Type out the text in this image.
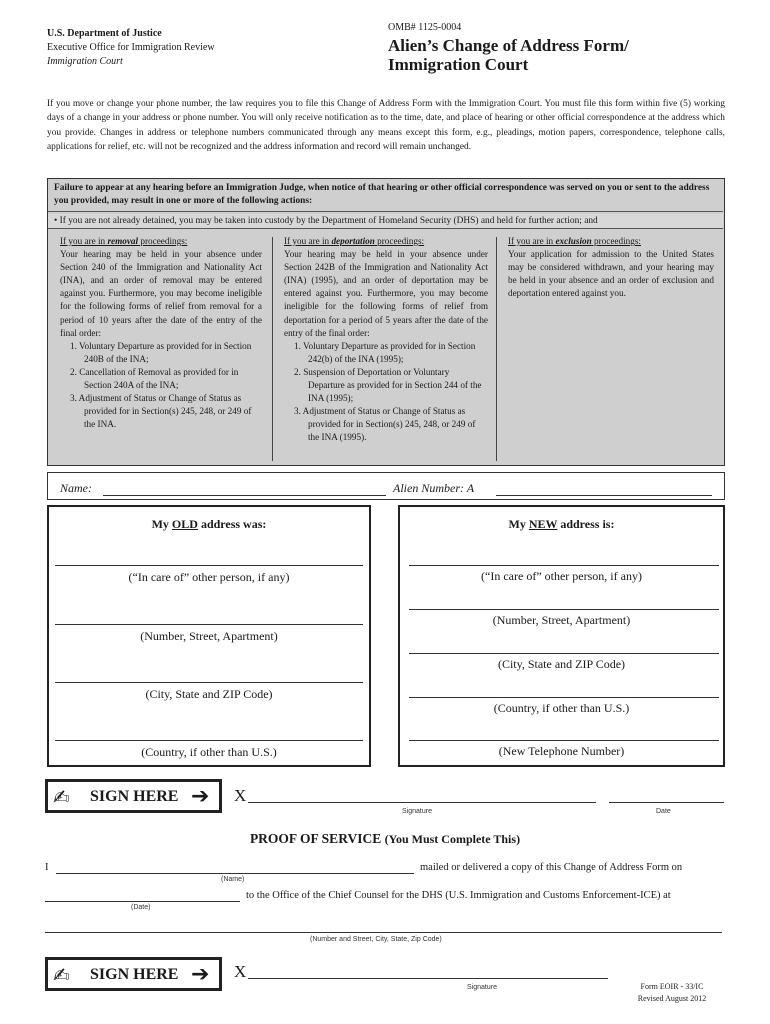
U.S. Department of Justice
Executive Office for Immigration Review
Immigration Court
OMB# 1125-0004
Alien’s Change of Address Form/
Immigration Court
If you move or change your phone number, the law requires you to file this Change of Address Form with the Immigration Court. You must file this form within five (5) working days of a change in your address or phone number. You will only receive notification as to the time, date, and place of hearing or other official correspondence at the address which you provide. Changes in address or telephone numbers communicated through any means except this form, e.g., pleadings, motion papers, correspondence, telephone calls, applications for relief, etc. will not be recognized and the address information and record will remain unchanged.
Failure to appear at any hearing before an Immigration Judge, when notice of that hearing or other official correspondence was served on you or sent to the address you provided, may result in one or more of the following actions:
• If you are not already detained, you may be taken into custody by the Department of Homeland Security (DHS) and held for further action; and
If you are in removal proceedings:
Your hearing may be held in your absence under Section 240 of the Immigration and Nationality Act (INA), and an order of removal may be entered against you. Furthermore, you may become ineligible for the following forms of relief from removal for a period of 10 years after the date of the entry of the final order:
1. Voluntary Departure as provided for in Section 240B of the INA;
2. Cancellation of Removal as provided for in Section 240A of the INA;
3. Adjustment of Status or Change of Status as provided for in Section(s) 245, 248, or 249 of the INA.
If you are in deportation proceedings:
Your hearing may be held in your absence under Section 242B of the Immigration and Nationality Act (INA) (1995), and an order of deportation may be entered against you. Furthermore, you may become ineligible for the following forms of relief from deportation for a period of 5 years after the date of the entry of the final order:
1. Voluntary Departure as provided for in Section 242(b) of the INA (1995);
2. Suspension of Deportation or Voluntary Departure as provided for in Section 244 of the INA (1995);
3. Adjustment of Status or Change of Status as provided for in Section(s) 245, 248, or 249 of the INA (1995).
If you are in exclusion proceedings:
Your application for admission to the United States may be considered withdrawn, and your hearing may be held in your absence and an order of exclusion and deportation entered against you.
Name:	Alien Number: A
My OLD address was:
(“In care of” other person, if any)
(Number, Street, Apartment)
(City, State and ZIP Code)
(Country, if other than U.S.)
My NEW address is:
(“In care of” other person, if any)
(Number, Street, Apartment)
(City, State and ZIP Code)
(Country, if other than U.S.)
(New Telephone Number)
✍ SIGN HERE ➔ X
Signature	Date
PROOF OF SERVICE (You Must Complete This)
I
(Name)
mailed or delivered a copy of this Change of Address Form on
(Date)
to the Office of the Chief Counsel for the DHS (U.S. Immigration and Customs Enforcement-ICE) at
(Number and Street, City, State, Zip Code)
✍ SIGN HERE ➔ X
Signature	Form EOIR - 33/IC
Revised August 2012
